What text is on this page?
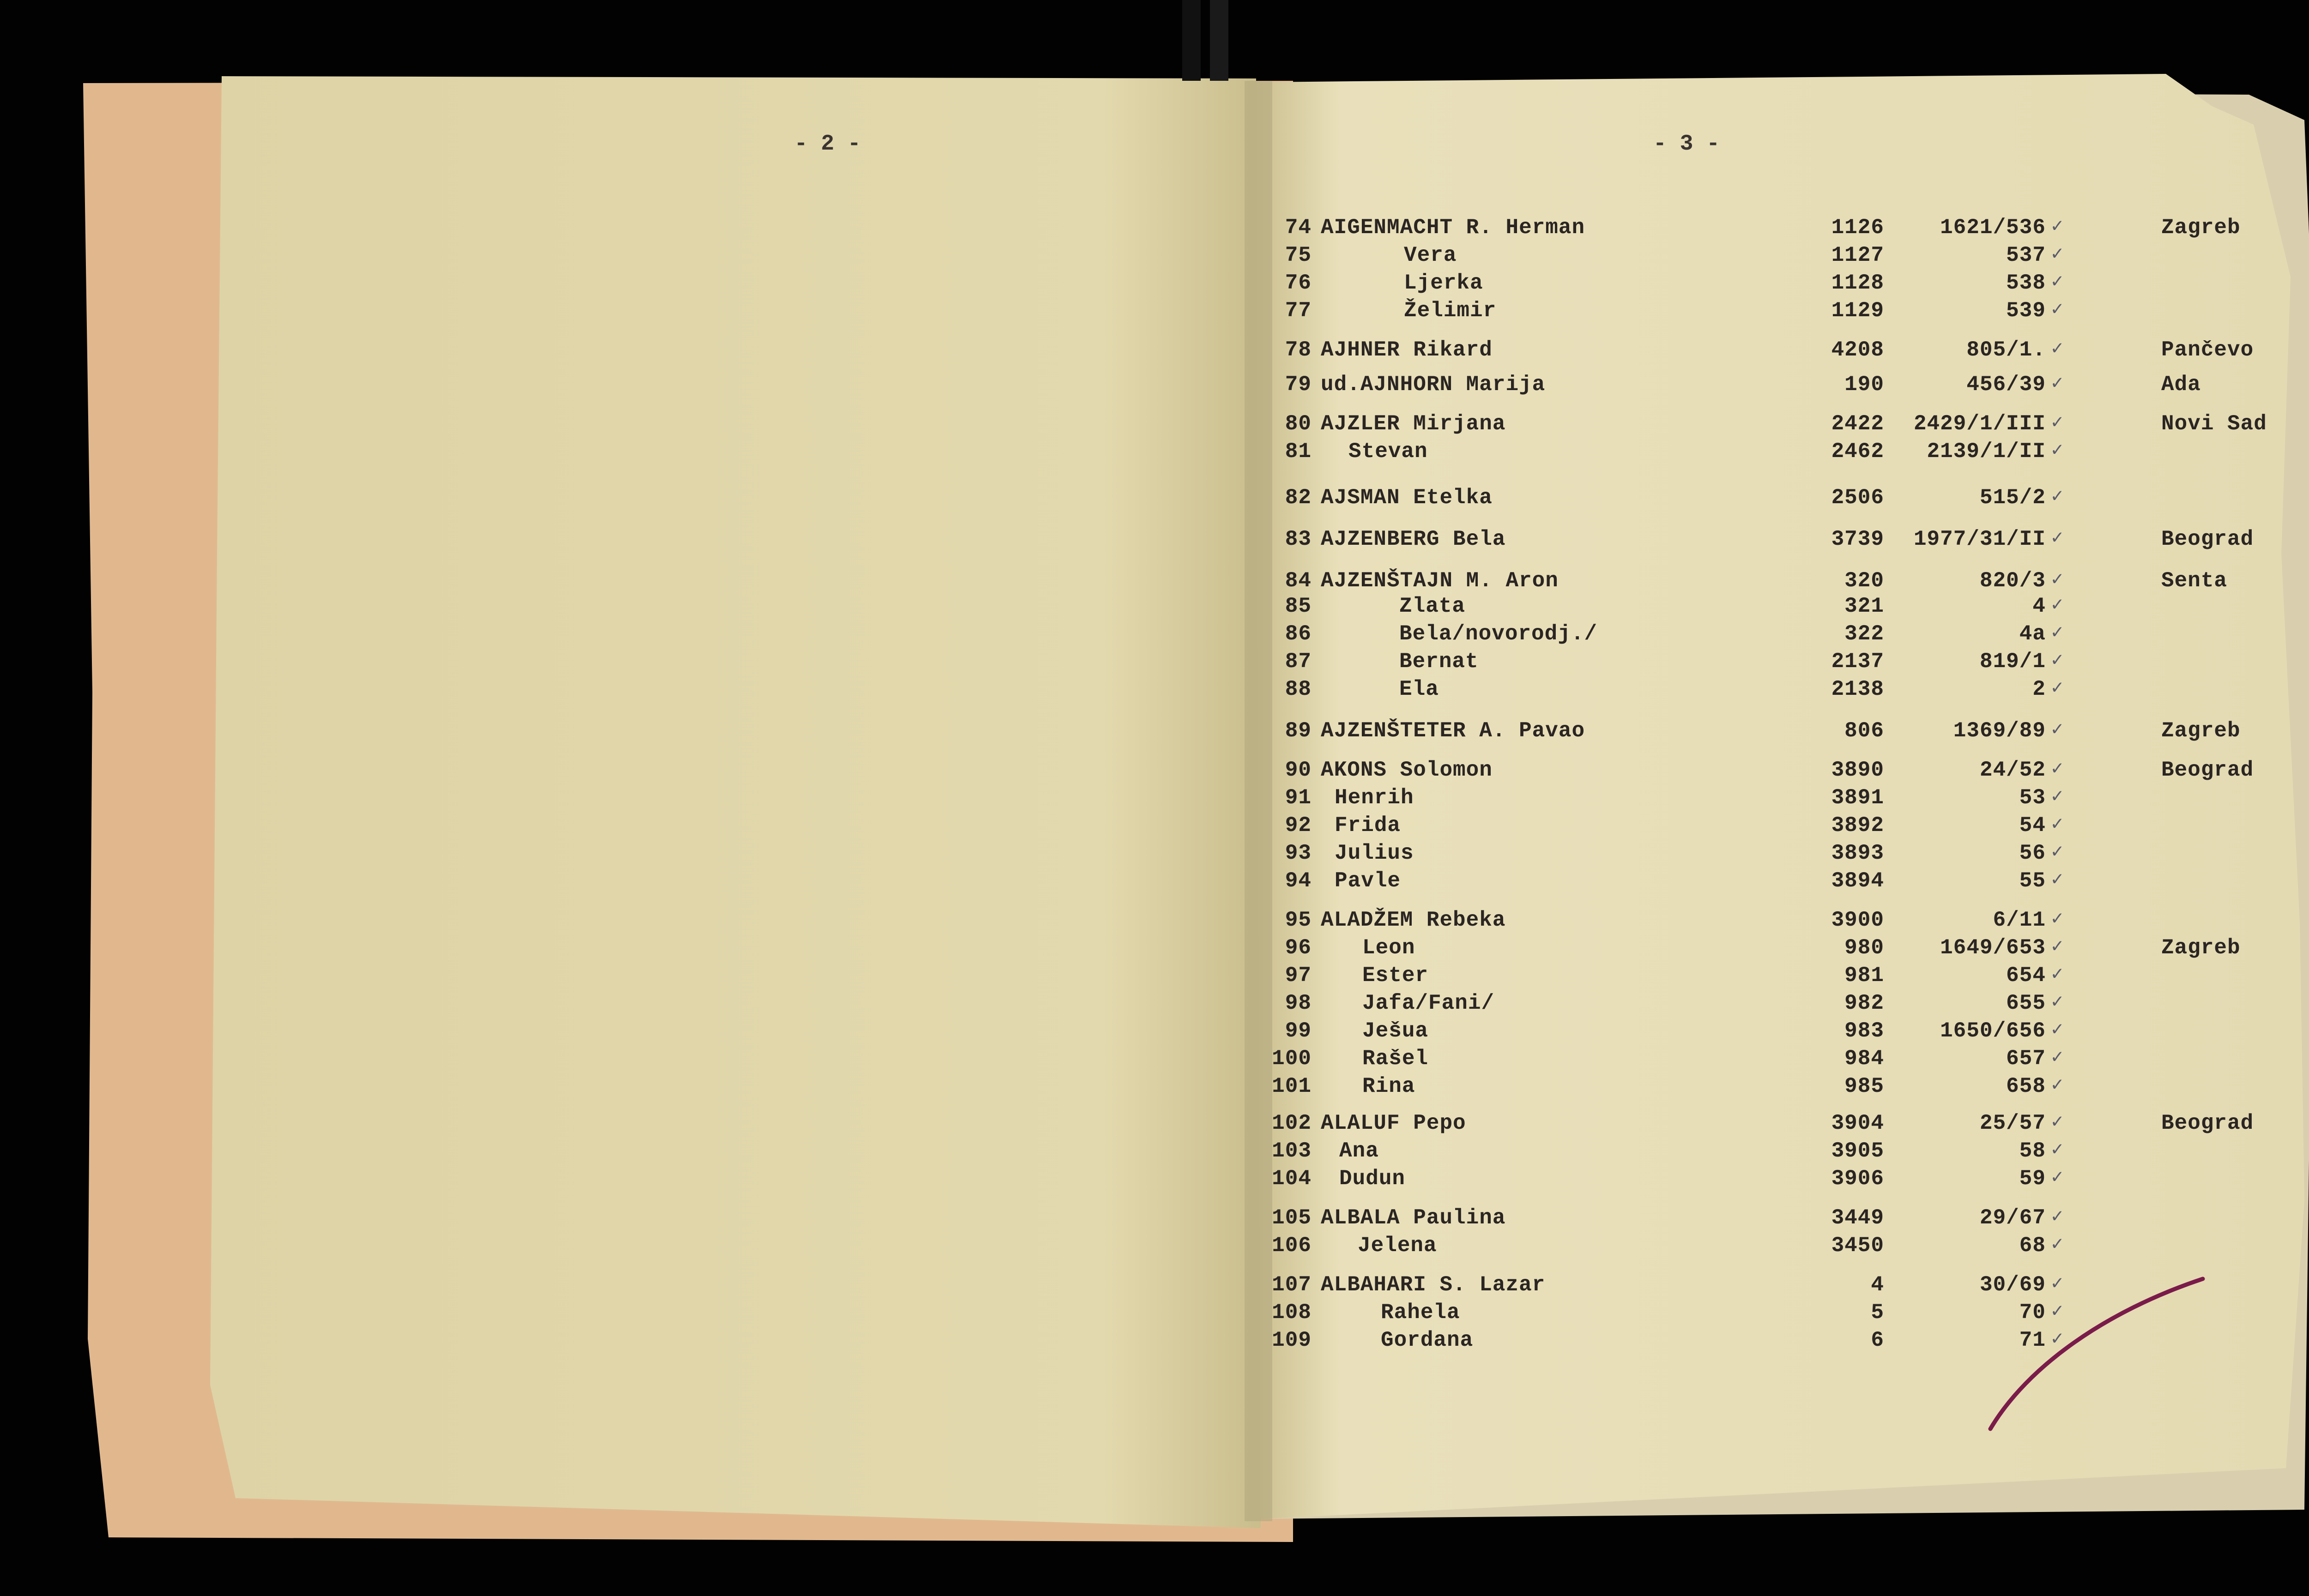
- 2 -	- 3 -
74 AIGENMACHT R. Herman	1126	1621/536 ✓	Zagreb
75	Vera	1127	537 ✓
76	Ljerka	1128	538 ✓
77	Želimir	1129	539 ✓
78 AJHNER Rikard	4208	805/1. ✓	Pančevo
79 ud.AJNHORN Marija	190	456/39 ✓	Ada
80 AJZLER Mirjana	2422	2429/1/III ✓	Novi Sad
81 Stevan	2462	2139/1/II ✓
82 AJSMAN Etelka	2506	515/2 ✓
83 AJZENBERG Bela	3739	1977/31/II ✓	Beograd
84 AJZENŠTAJN M. Aron	320	820/3 ✓	Senta
85	Zlata	321	4 ✓
86	Bela/novorodj./	322	4a ✓
87	Bernat	2137	819/1 ✓
88	Ela	2138	2 ✓
89 AJZENŠTETER A. Pavao	806	1369/89 ✓	Zagreb
90 AKONS Solomon	3890	24/52 ✓	Beograd
91 Henrih	3891	53 ✓
92 Frida	3892	54 ✓
93 Julius	3893	56 ✓
94 Pavle	3894	55 ✓
95 ALADŽEM Rebeka	3900	6/11 ✓
96 Leon	980	1649/653 ✓	Zagreb
97 Ester	981	654 ✓
98 Jafa/Fani/	982	655 ✓
99 Ješua	983	1650/656 ✓
100 Rašel	984	657 ✓
101 Rina	985	658 ✓
102 ALALUF Pepo	3904	25/57 ✓	Beograd
103 Ana	3905	58 ✓
104 Dudun	3906	59 ✓
105 ALBALA Paulina	3449	29/67 ✓
106 Jelena	3450	68 ✓
107 ALBAHARI S. Lazar	4	30/69 ✓
108	Rahela	5	70 ✓
109	Gordana	6	71 ✓
